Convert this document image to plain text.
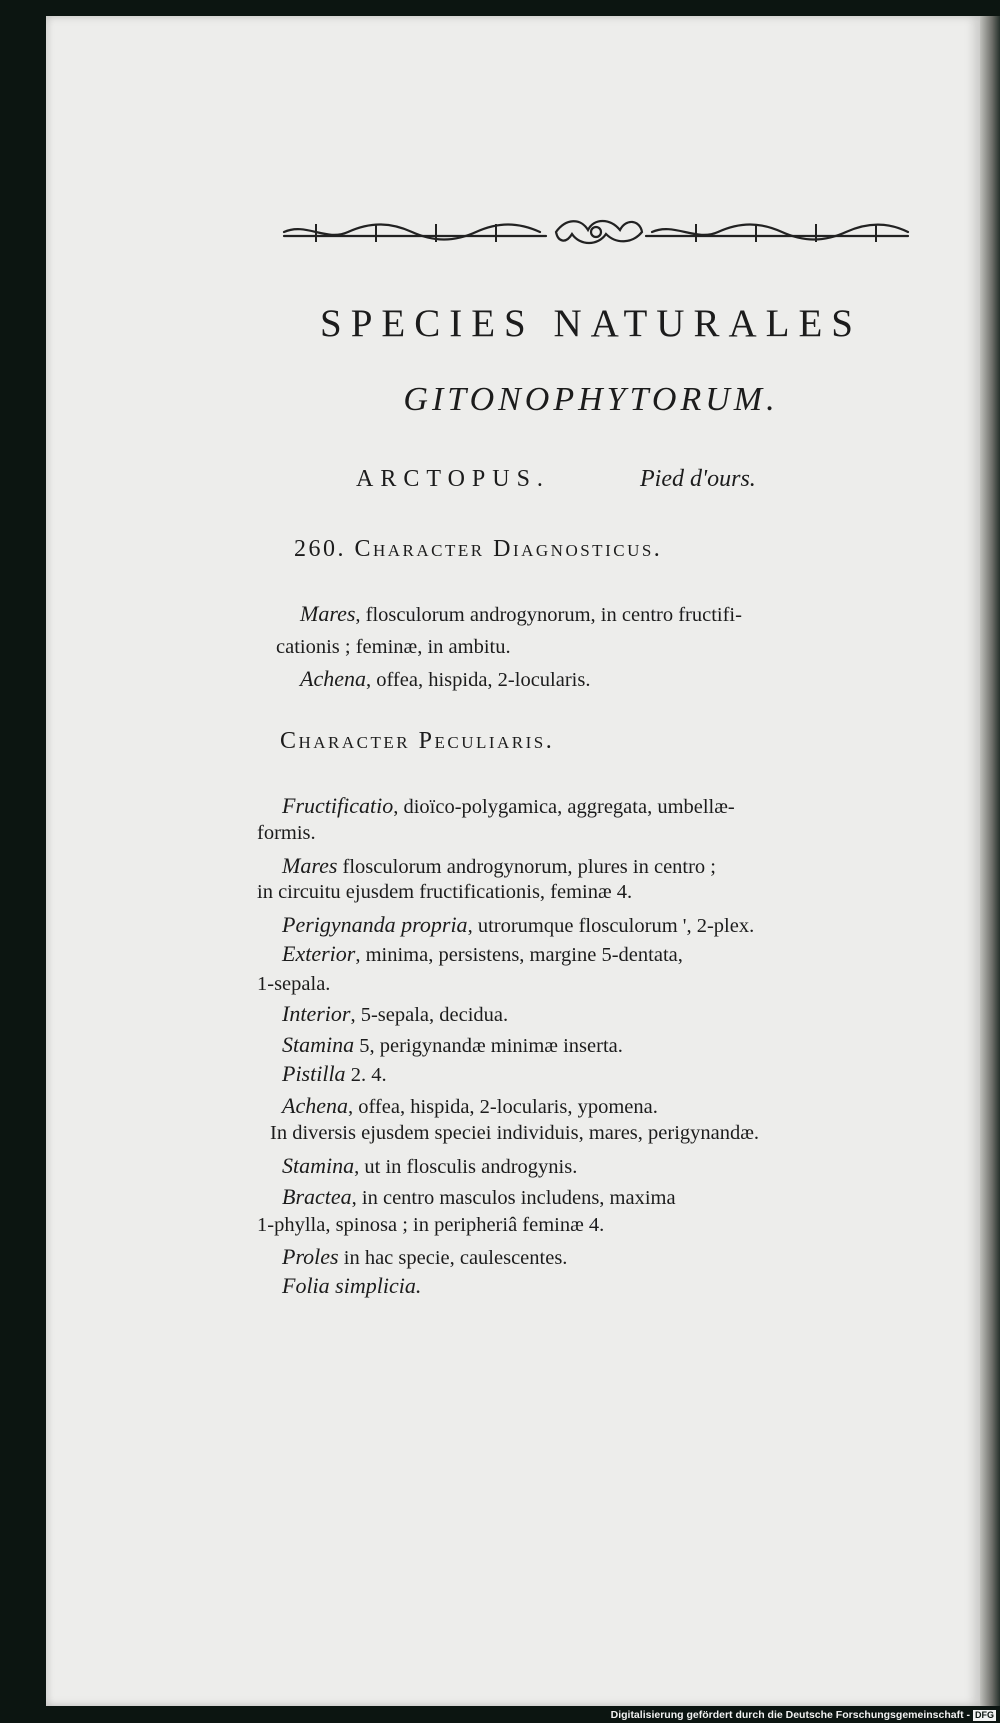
SPECIES NATURALES
GITONOPHYTORUM.
ARCTOPUS.	Pied d'ours.
260. Character Diagnosticus.
Mares, flosculorum androgynorum, in centro fructifi-
cationis ; feminæ, in ambitu.
Achena, offea, hispida, 2-locularis.
Character Peculiaris.
Fructificatio, dioïco-polygamica, aggregata, umbellæ-
formis.
Mares flosculorum androgynorum, plures in centro ;
in circuitu ejusdem fructificationis, feminæ 4.
Perigynanda propria, utrorumque flosculorum ', 2-plex.
Exterior, minima, persistens, margine 5-dentata,
1-sepala.
Interior, 5-sepala, decidua.
Stamina 5, perigynandæ minimæ inserta.
Pistilla 2. 4.
Achena, offea, hispida, 2-locularis, ypomena.
In diversis ejusdem speciei individuis, mares, perigynandæ.
Stamina, ut in flosculis androgynis.
Bractea, in centro masculos includens, maxima
1-phylla, spinosa ; in peripheriâ feminæ 4.
Proles in hac specie, caulescentes.
Folia simplicia.
Digitalisierung gefördert durch die Deutsche Forschungsgemeinschaft - DFG
